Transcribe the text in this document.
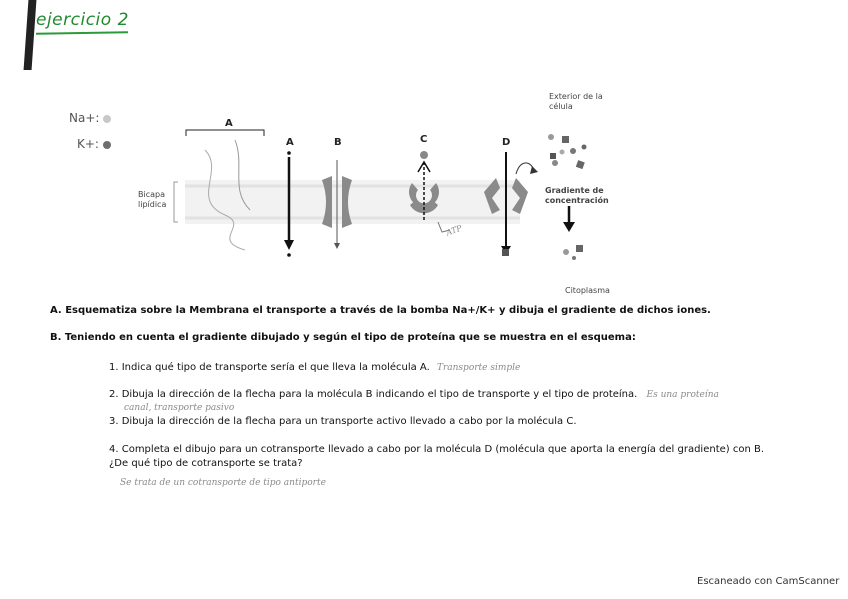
ejercicio 2
Na+:
K+:
A
A	B	C	D
Bicapa
lipídica
Exterior de la
célula
Gradiente de
concentración
Citoplasma
ATP
A. Esquematiza sobre la Membrana el transporte a través de la bomba Na+/K+ y dibuja el gradiente de dichos iones.
B. Teniendo en cuenta el gradiente dibujado y según el tipo de proteína que se muestra en el esquema:
1. Indica qué tipo de transporte sería el que lleva la molécula A. Transporte simple
2. Dibuja la dirección de la flecha para la molécula B indicando el tipo de transporte y el tipo de proteína. Es una proteína
canal, transporte pasivo
3. Dibuja la dirección de la flecha para un transporte activo llevado a cabo por la molécula C.
4. Completa el dibujo para un cotransporte llevado a cabo por la molécula D (molécula que aporta la energía del gradiente) con B.
¿De qué tipo de cotransporte se trata?
Se trata de un cotransporte de tipo antiporte
Escaneado con CamScanner
